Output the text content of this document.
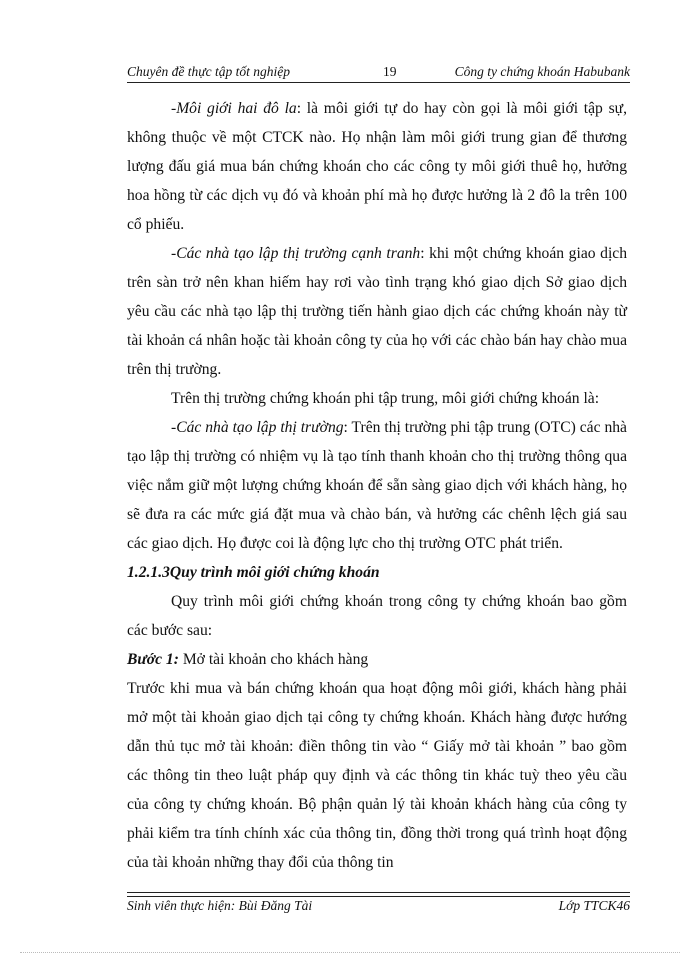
Chuyên đề thực tập tốt nghiệp	19	Công ty chứng khoán Habubank

-Môi giới hai đô la: là môi giới tự do hay còn gọi là môi giới tập sự, không thuộc về một CTCK nào. Họ nhận làm môi giới trung gian để thương lượng đấu giá mua bán chứng khoán cho các công ty môi giới thuê họ, hưởng hoa hồng từ các dịch vụ đó và khoản phí mà họ được hưởng là 2 đô la trên 100 cổ phiếu.

-Các nhà tạo lập thị trường cạnh tranh: khi một chứng khoán giao dịch trên sàn trở nên khan hiếm hay rơi vào tình trạng khó giao dịch Sở giao dịch yêu cầu các nhà tạo lập thị trường tiến hành giao dịch các chứng khoán này từ tài khoản cá nhân hoặc tài khoản công ty của họ với các chào bán hay chào mua trên thị trường.

Trên thị trường chứng khoán phi tập trung, môi giới chứng khoán là:

-Các nhà tạo lập thị trường: Trên thị trường phi tập trung (OTC) các nhà tạo lập thị trường có nhiệm vụ là tạo tính thanh khoản cho thị trường thông qua việc nắm giữ một lượng chứng khoán để sẵn sàng giao dịch với khách hàng, họ sẽ đưa ra các mức giá đặt mua và chào bán, và hưởng các chênh lệch giá sau các giao dịch. Họ được coi là động lực cho thị trường OTC phát triển.

1.2.1.3Quy trình môi giới chứng khoán

Quy trình môi giới chứng khoán trong công ty chứng khoán bao gồm các bước sau:

Bước 1: Mở tài khoản cho khách hàng

Trước khi mua và bán chứng khoán qua hoạt động môi giới, khách hàng phải mở một tài khoản giao dịch tại công ty chứng khoán. Khách hàng được hướng dẫn thủ tục mở tài khoản: điền thông tin vào “ Giấy mở tài khoản ” bao gồm các thông tin theo luật pháp quy định và các thông tin khác tuỳ theo yêu cầu của công ty chứng khoán. Bộ phận quản lý tài khoản khách hàng của công ty phải kiểm tra tính chính xác của thông tin, đồng thời trong quá trình hoạt động của tài khoản những thay đổi của thông tin

Sinh viên thực hiện: Bùi Đăng Tài	Lớp TTCK46
